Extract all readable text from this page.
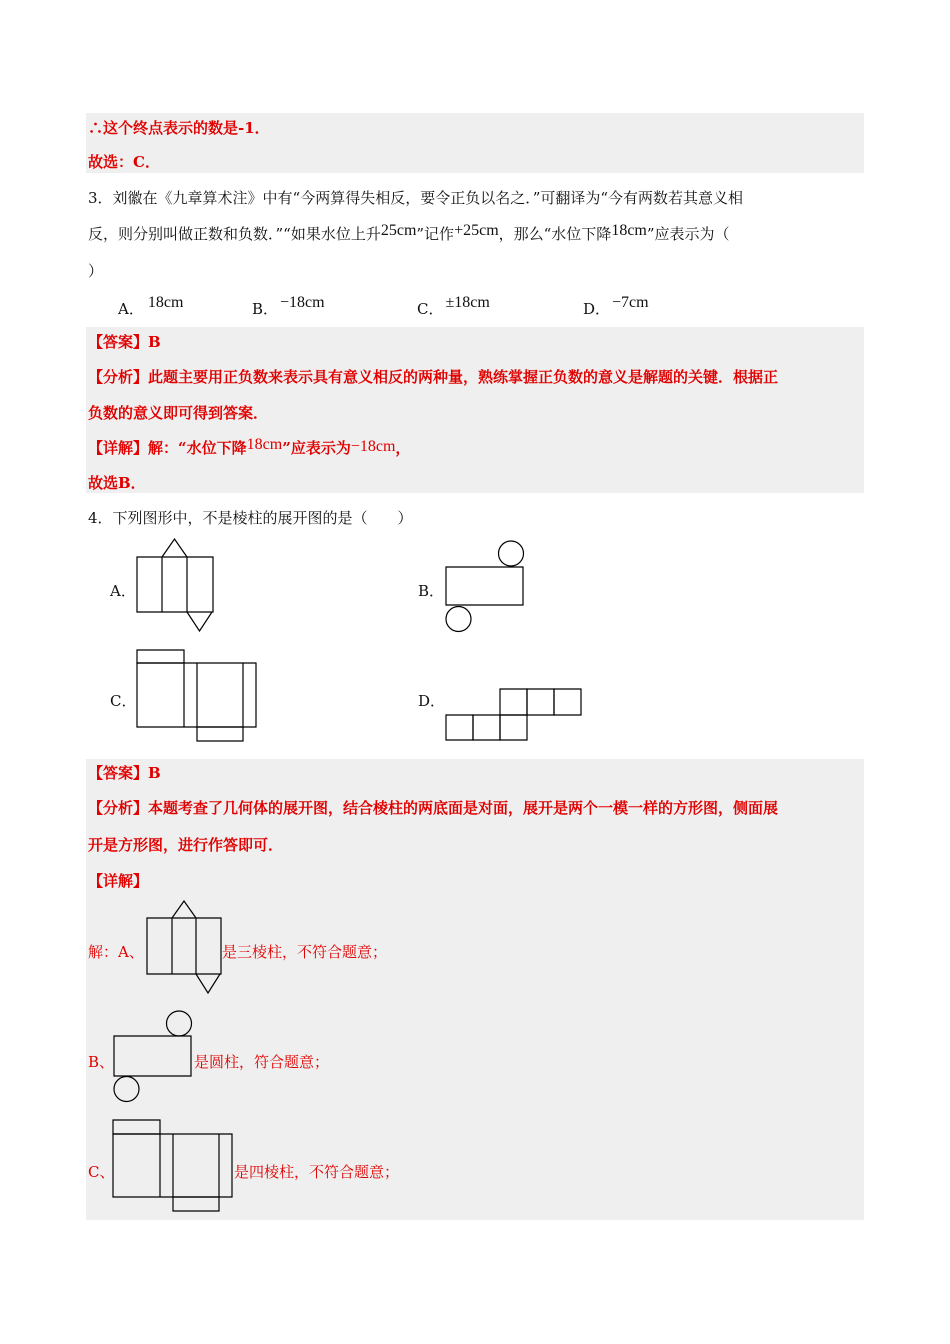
∴这个终点表示的数是-1．
故选：C．
3．刘徽在《九章算术注》中有“今两算得失相反，要令正负以名之．”可翻译为“今有两数若其意义相
反，则分别叫做正数和负数．”“如果水位上升25cm”记作+25cm，那么“水位下降18cm”应表示为（
）
A． 18cm	B． −18cm	C． ±18cm	D． −7cm
【答案】B
【分析】此题主要用正负数来表示具有意义相反的两种量，熟练掌握正负数的意义是解题的关键．根据正
负数的意义即可得到答案．
【详解】解：“水位下降18cm”应表示为−18cm，
故选B．
4．下列图形中，不是棱柱的展开图的是（　　）
A．	B．
C．	D．
【答案】B
【分析】本题考查了几何体的展开图，结合棱柱的两底面是对面，展开是两个一模一样的方形图，侧面展
开是方形图，进行作答即可．
【详解】
解：A、	是三棱柱，不符合题意；
B、	是圆柱，符合题意；
C、	是四棱柱，不符合题意；
